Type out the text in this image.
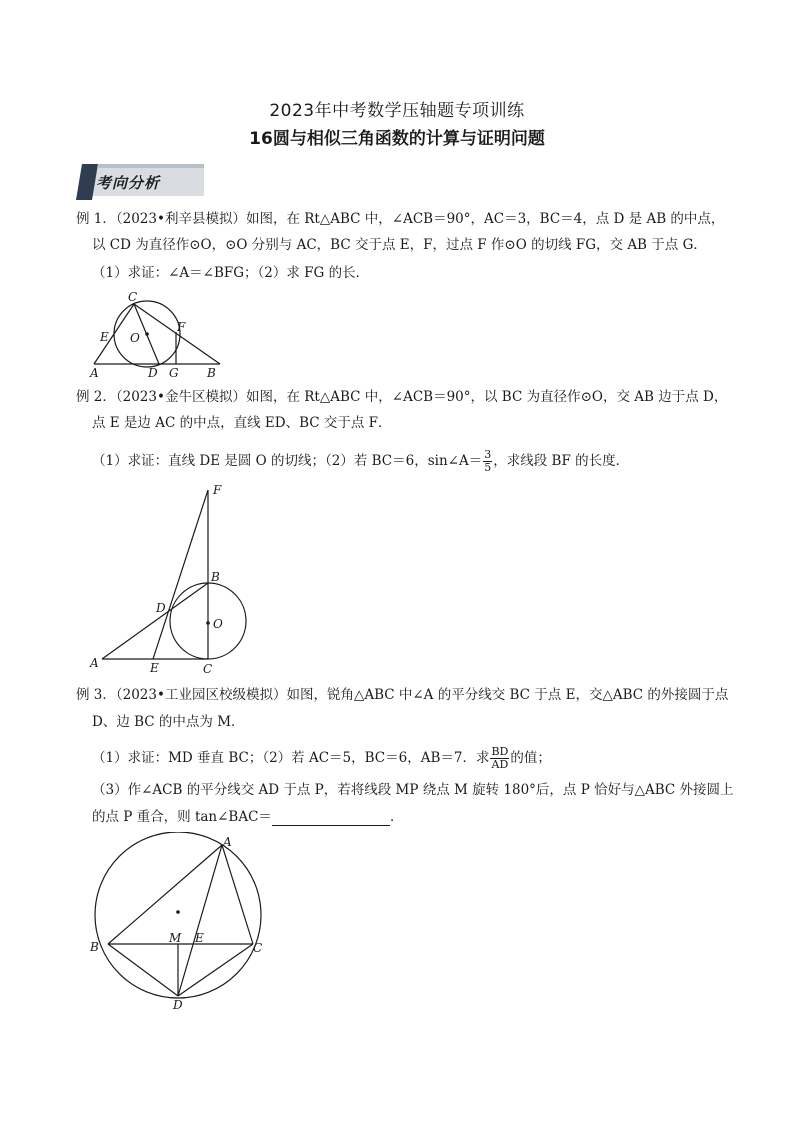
2023年中考数学压轴题专项训练
16圆与相似三角函数的计算与证明问题
考向分析
例 1．（2023•利辛县模拟）如图，在 Rt△ABC 中，∠ACB＝90°，AC＝3，BC＝4，点 D 是 AB 的中点，
以 CD 为直径作⊙O，⊙O 分别与 AC，BC 交于点 E，F，过点 F 作⊙O 的切线 FG，交 AB 于点 G．
（1）求证：∠A＝∠BFG；（2）求 FG 的长．
C
E O
F
A	D G B
例 2．（2023•金牛区模拟）如图，在 Rt△ABC 中，∠ACB＝90°，以 BC 为直径作⊙O，交 AB 边于点 D，
点 E 是边 AC 的中点，直线 ED、BC 交于点 F．
（1）求证：直线 DE 是圆 O 的切线；（2）若 BC＝6，sin∠A＝ $\frac{3}{5}$ ，求线段 BF 的长度．
F
B
D
O
A	E	C
例 3．（2023•工业园区校级模拟）如图，锐角△ABC 中∠A 的平分线交 BC 于点 E，交△ABC 的外接圆于点
D、边 BC 的中点为 M．
（1）求证：MD 垂直 BC；（2）若 AC＝5，BC＝6，AB＝7．求 $\frac{BD}{AD}$ 的值；
（3）作∠ACB 的平分线交 AD 于点 P，若将线段 MP 绕点 M 旋转 180°后，点 P 恰好与△ABC 外接圆上
的点 P 重合，则 tan∠BAC＝	．
A
B
M E
C
D
